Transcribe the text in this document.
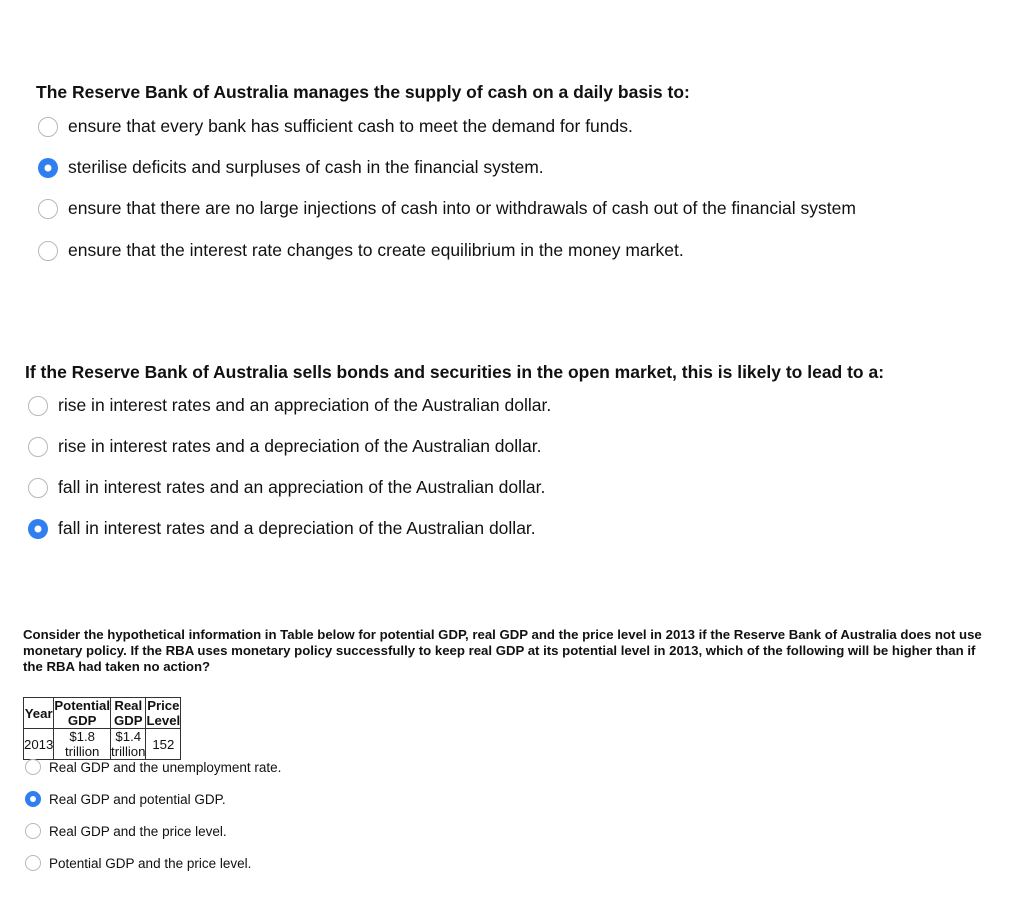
The Reserve Bank of Australia manages the supply of cash on a daily basis to:

ensure that every bank has sufficient cash to meet the demand for funds.
sterilise deficits and surpluses of cash in the financial system.
ensure that there are no large injections of cash into or withdrawals of cash out of the financial system
ensure that the interest rate changes to create equilibrium in the money market.

If the Reserve Bank of Australia sells bonds and securities in the open market, this is likely to lead to a:

rise in interest rates and an appreciation of the Australian dollar.
rise in interest rates and a depreciation of the Australian dollar.
fall in interest rates and an appreciation of the Australian dollar.
fall in interest rates and a depreciation of the Australian dollar.

Consider the hypothetical information in Table below for potential GDP, real GDP and the price level in 2013 if the Reserve Bank of Australia does not use monetary policy. If the RBA uses monetary policy successfully to keep real GDP at its potential level in 2013, which of the following will be higher than if the RBA had taken no action?

Year	Potential GDP	Real GDP	Price Level
2013	$1.8 trillion	$1.4 trillion	152
Real GDP and the unemployment rate.
Real GDP and potential GDP.
Real GDP and the price level.
Potential GDP and the price level.
